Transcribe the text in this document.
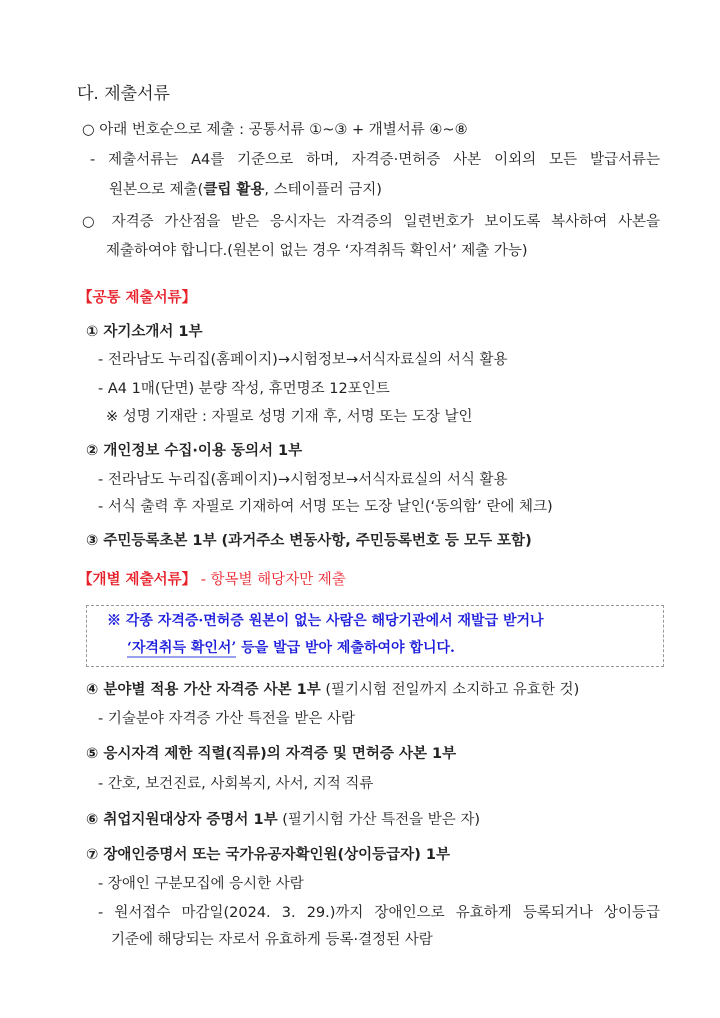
다. 제출서류
○ 아래 번호순으로 제출 : 공통서류 ①~③ + 개별서류 ④~⑧
- 제출서류는 A4를 기준으로 하며, 자격증·면허증 사본 이외의 모든 발급서류는
원본으로 제출(클립 활용, 스테이플러 금지)
○ 자격증 가산점을 받은 응시자는 자격증의 일련번호가 보이도록 복사하여 사본을
제출하여야 합니다.(원본이 없는 경우 ‘자격취득 확인서’ 제출 가능)
【공통 제출서류】
① 자기소개서 1부
- 전라남도 누리집(홈페이지)→시험정보→서식자료실의 서식 활용
- A4 1매(단면) 분량 작성, 휴먼명조 12포인트
※ 성명 기재란 : 자필로 성명 기재 후, 서명 또는 도장 날인
② 개인정보 수집·이용 동의서 1부
- 전라남도 누리집(홈페이지)→시험정보→서식자료실의 서식 활용
- 서식 출력 후 자필로 기재하여 서명 또는 도장 날인(‘동의함’ 란에 체크)
③ 주민등록초본 1부 (과거주소 변동사항, 주민등록번호 등 모두 포함)
【개별 제출서류】 - 항목별 해당자만 제출
※ 각종 자격증·면허증 원본이 없는 사람은 해당기관에서 재발급 받거나
‘자격취득 확인서’ 등을 발급 받아 제출하여야 합니다.
④ 분야별 적용 가산 자격증 사본 1부 (필기시험 전일까지 소지하고 유효한 것)
- 기술분야 자격증 가산 특전을 받은 사람
⑤ 응시자격 제한 직렬(직류)의 자격증 및 면허증 사본 1부
- 간호, 보건진료, 사회복지, 사서, 지적 직류
⑥ 취업지원대상자 증명서 1부 (필기시험 가산 특전을 받은 자)
⑦ 장애인증명서 또는 국가유공자확인원(상이등급자) 1부
- 장애인 구분모집에 응시한 사람
- 원서접수 마감일(2024. 3. 29.)까지 장애인으로 유효하게 등록되거나 상이등급
기준에 해당되는 자로서 유효하게 등록·결정된 사람
